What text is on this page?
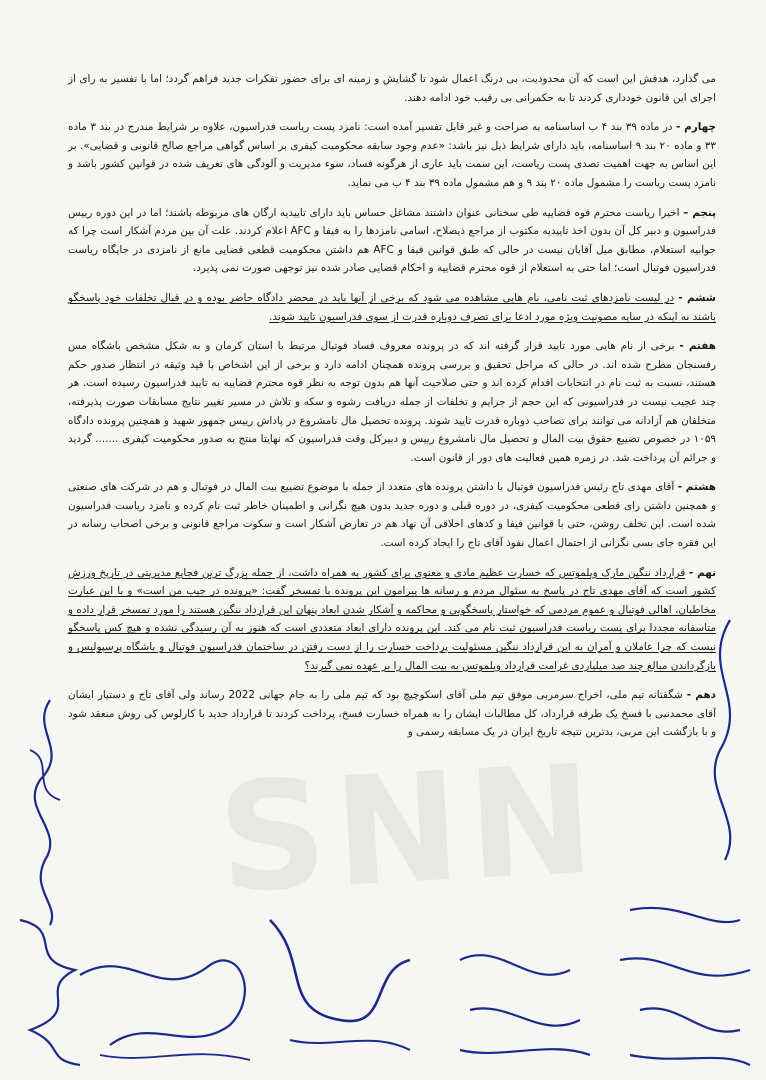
SNN

می گذارد، هدفش این است که آن محدودیت، بی درنگ اعمال شود تا گشایش و زمینه ای برای حضور تفکرات جدید فراهم گردد؛ اما با تفسیر به رای از اجرای این قانون خودداری کردند تا به حکمرانی بی رقیب خود ادامه دهند.

چهارم - در ماده ۳۹ بند ۴ ب اساسنامه به صراحت و غیر قابل تفسیر آمده است: نامزد پست ریاست فدراسیون، علاوه بر شرایط مندرج در بند ۳ ماده ۳۳ و ماده ۲۰ بند ۹ اساسنامه، باید دارای شرایط ذیل نیز باشد: «عدم وجود سابقه محکومیت کیفری بر اساس گواهی مراجع صالح قانونی و قضایی». بر این اساس به جهت اهمیت تصدی پست ریاست، این سمت باید عاری از هرگونه فساد، سوء مدیریت و آلودگی های تعریف شده در قوانین کشور باشد و نامزد پست ریاست را مشمول ماده ۲۰ بند ۹ و هم مشمول ماده ۳۹ بند ۴ ب می نماید.

پنجم – اخیرا ریاست محترم قوه قضاییه طی سخنانی عنوان داشتند مشاغل حساس باید دارای تاییدیه ارگان های مربوطه باشند؛ اما در این دوره رییس فدراسیون و دبیر کل آن بدون اخذ تاییدیه مکتوب از مراجع ذیصلاح، اسامی نامزدها را به فیفا و AFC اعلام کردند. علت آن بین مردم آشکار است چرا که جوابیه استعلام، مطابق میل آقایان نیست در حالی که طبق قوانین فیفا و AFC هم داشتن محکومیت قطعی قضایی مانع از نامزدی در جایگاه ریاست فدراسیون فوتبال است؛ اما حتی به استعلام از قوه محترم قضاییه و احکام قضایی صادر شده نیز توجهی صورت نمی پذیرد.

ششم - در لیست نامزدهای ثبت نامی، نام هایی مشاهده می شود که برخی از آنها باید در محضر دادگاه حاضر بوده و در قبال تخلفات خود پاسخگو باشند نه اینکه در سایه مصونیت ویژه مورد ادعا برای تصرف دوباره قدرت از سوی فدراسیون تایید شوند.

هفتم - برخی از نام هایی مورد تایید قرار گرفته اند که در پرونده معروف فساد فوتبال مرتبط با استان کرمان و به شکل مشخص باشگاه مس رفسنجان مطرح شده اند. در حالی که مراحل تحقیق و بررسی پرونده همچنان ادامه دارد و برخی از این اشخاص با قید وثیقه در انتظار صدور حکم هستند، نسبت به ثبت نام در انتخابات اقدام کرده اند و حتی صلاحیت آنها هم بدون توجه به نظر قوه محترم قضاییه به تایید فدراسیون رسیده است. هر چند عجیب نیست در فدراسیونی که این حجم از جرایم و تخلفات از جمله دریافت رشوه و سکه و تلاش در مسیر تغییر نتایج مسابقات صورت پذیرفته، متخلفان هم آزادانه می توانند برای تصاحب دوباره قدرت تایید شوند. پرونده تحصیل مال نامشروع در پاداش رییس جمهور شهید و همچنین پرونده دادگاه ۱۰۵۹ در خصوص تضییع حقوق بیت المال و تحصیل مال نامشروع رییس و دبیرکل وقت فدراسیون که نهایتا منتج به صدور محکومیت کیفری ....... گردید و جرائم آن پرداخت شد. در زمره همین فعالیت های دور از قانون است.

هشتم - آقای مهدی تاج رئیس فدراسیون فوتبال با داشتن پرونده های متعدد از جمله با موضوع تضییع بیت المال در فوتبال و هم در شرکت های صنعتی و همچنین داشتن رای قطعی محکومیت کیفری، در دوره قبلی و دوره جدید بدون هیچ نگرانی و اطمینان خاطر ثبت نام کرده و نامزد ریاست فدراسیون شده است. این تخلف روشن، حتی با قوانین فیفا و کدهای اخلاقی آن نهاد هم در تعارض آشکار است و سکوت مراجع قانونی و برخی اصحاب رسانه در این فقره جای بسی نگرانی از احتمال اعمال نفوذ آقای تاج را ایجاد کرده است.

نهم - قرارداد ننگین مارک ویلموتس که خسارت عظیم مادی و معنوی برای کشور به همراه داشت، از جمله بزرگ ترین فجایع مدیریتی در تاریخ ورزش کشور است که آقای مهدی تاج در پاسخ به سئوال مردم و رسانه ها پیرامون این پرونده با تمسخر گفت: «پرونده در جیب من است» و با این عبارت مخاطبان، اهالی فوتبال و عموم مردمی که خواستار پاسخگویی و محاکمه و آشکار شدن ابعاد پنهان این قرارداد ننگین هستند را مورد تمسخر قرار داده و متاسفانه مجددا برای پست ریاست فدراسیون ثبت نام می کند. این پرونده دارای ابعاد متعددی است که هنوز به آن رسیدگی نشده و هیچ کس پاسخگو نیست که چرا عاملان و آمران به این قرارداد ننگین مسئولیت پرداخت خسارت را از دست رفتن در ساختمان فدراسیون فوتبال و باشگاه پرسپولیس و بازگرداندن مبالغ چند صد میلیاردی غرامت قرارداد ویلموتس به بیت المال را بر عهده نمی گیرند؟

دهم - شگفتانه تیم ملی، اخراج سرمربی موفق تیم ملی آقای اسکوچیچ بود که تیم ملی را به جام جهانی 2022 رساند ولی آقای تاج و دستیار ایشان آقای محمدنبی با فسخ یک طرفه قرارداد، کل مطالبات ایشان را به همراه خسارت فسخ، پرداخت کردند تا قرارداد جدید با کارلوس کی روش منعقد شود و با بازگشت این مربی، بدترین نتیجه تاریخ ایران در یک مسابقه رسمی و
